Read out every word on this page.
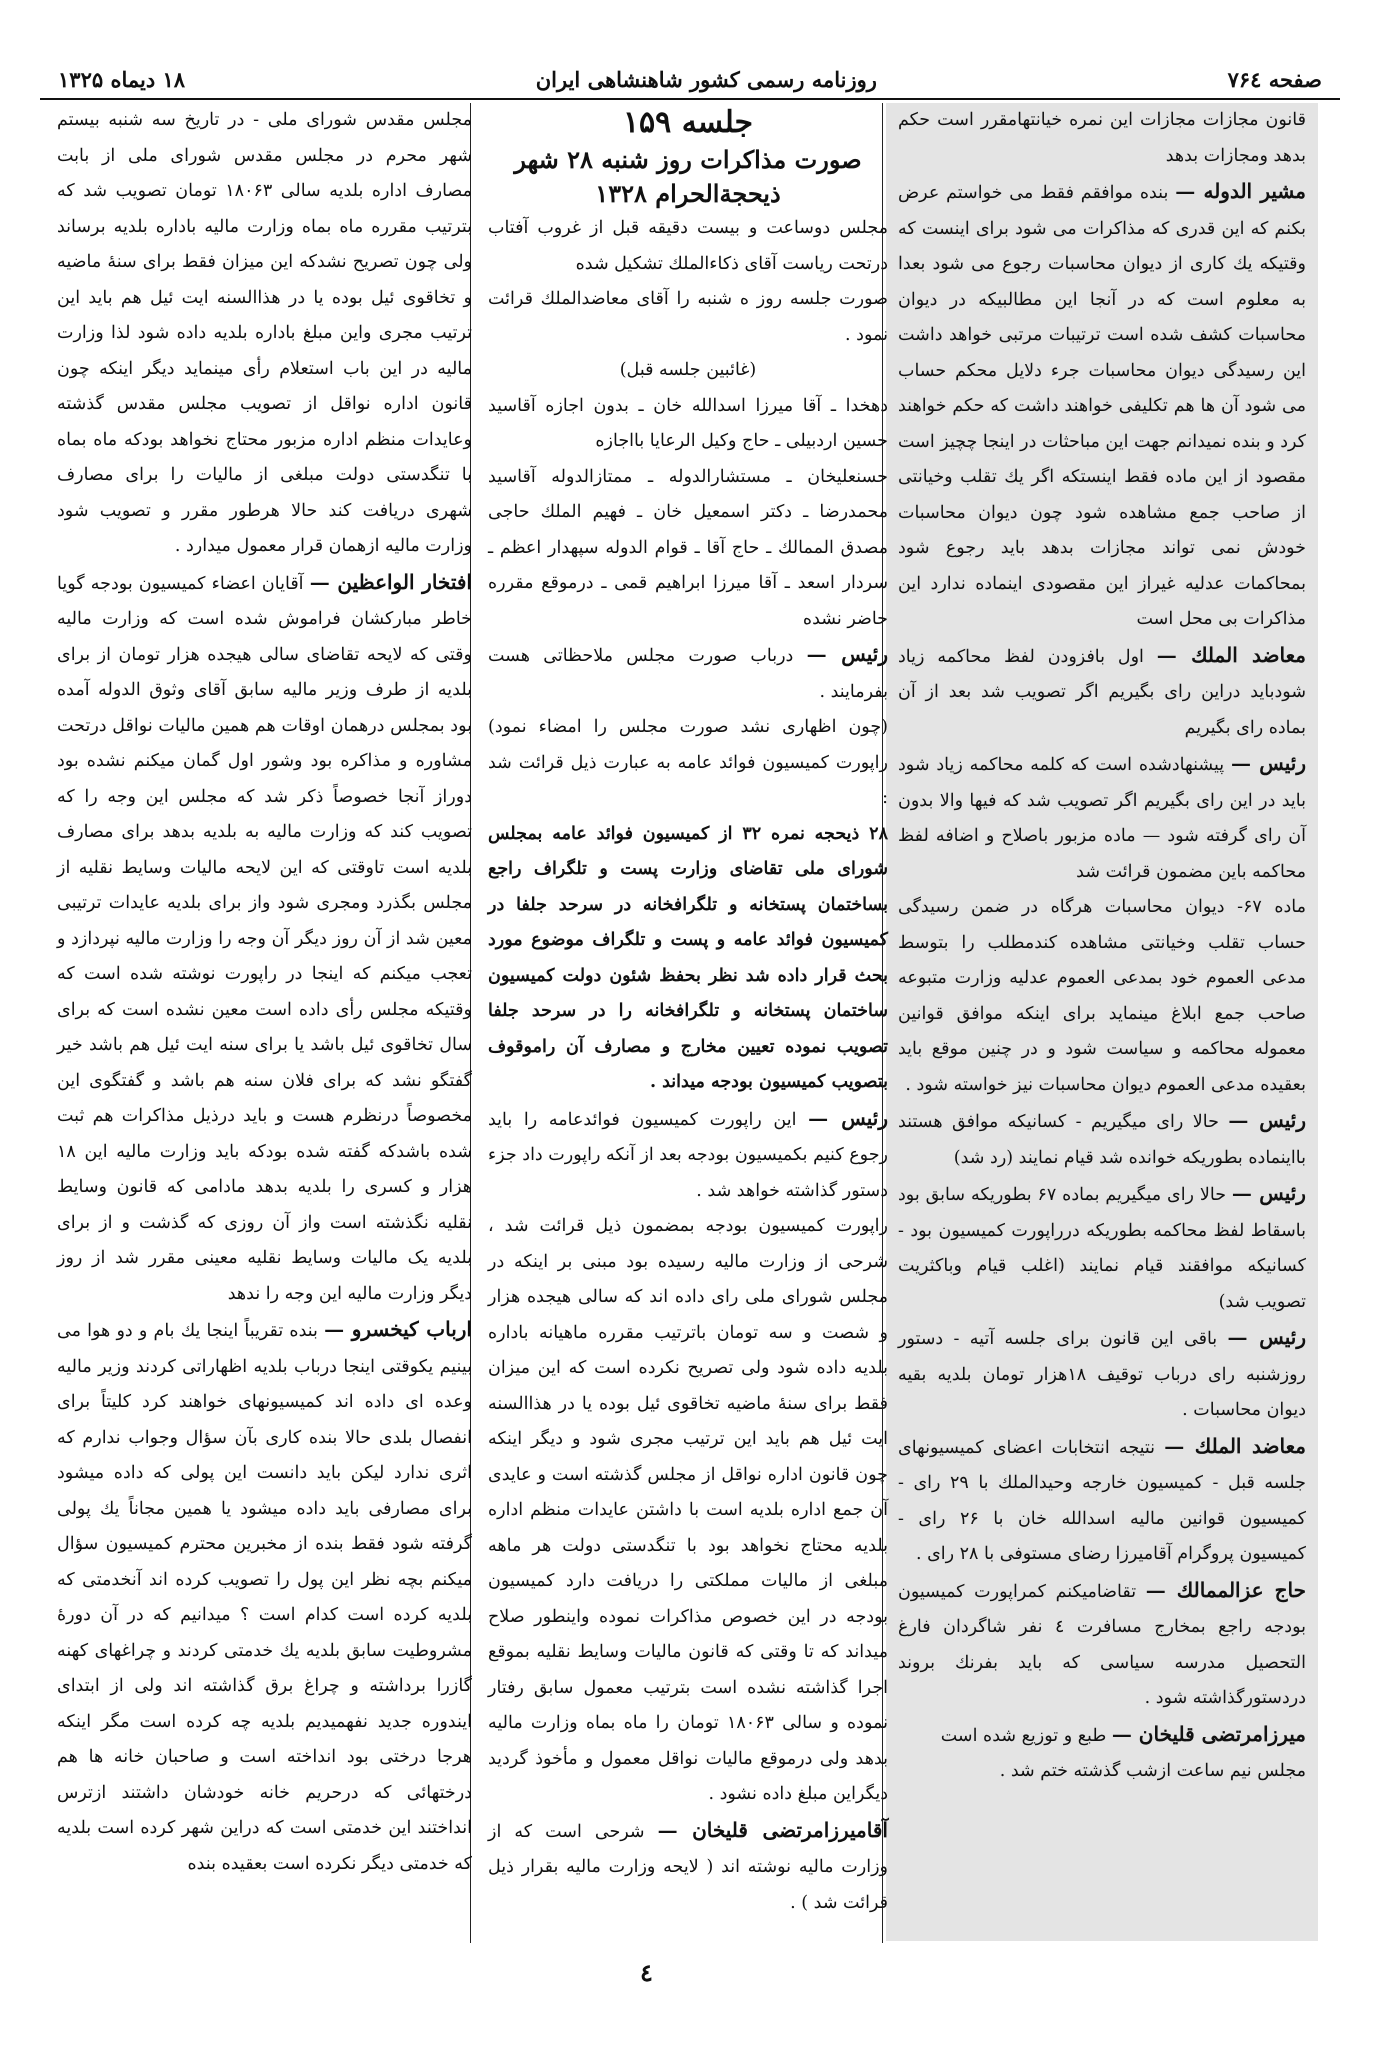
صفحه ۷۶٤
روزنامه رسمی کشور شاهنشاهی ایران
۱۸ دیماه ۱۳۲۵

قانون مجازات مجازات این نمره خیانتهامقرر است حکم بدهد ومجازات بدهد

مشیر الدوله — بنده موافقم فقط می خواستم عرض بکنم که این قدری که مذاکرات می شود برای اینست که وقتیکه یك کاری از دیوان محاسبات رجوع می شود بعدا به معلوم است که در آنجا این مطالبیکه در دیوان محاسبات کشف شده است ترتیبات مرتبی خواهد داشت این رسیدگی دیوان محاسبات جرء دلایل محکم حساب می شود آن ها هم تکلیفی خواهند داشت که حکم خواهند کرد و بنده نمیدانم جهت این مباحثات در اینجا چچیز است مقصود از این ماده فقط اینستکه اگر یك تقلب وخیانتی از صاحب جمع مشاهده شود چون دیوان محاسبات خودش نمی تواند مجازات بدهد باید رجوع شود بمحاکمات عدلیه غیراز این مقصودی اینماده ندارد این مذاکرات بی محل است

معاضد الملك — اول بافزودن لفظ محاکمه زیاد شودباید دراین رای بگیریم اگر تصویب شد بعد از آن بماده رای بگیریم

رئیس — پیشنهادشده است که کلمه محاکمه زیاد شود باید در این رای بگیریم اگر تصویب شد که فیها والا بدون آن رای گرفته شود — ماده مزبور باصلاح و اضافه لفظ محاکمه باین مضمون قرائت شد

ماده ۶۷- دیوان محاسبات هرگاه در ضمن رسیدگی حساب تقلب وخیانتی مشاهده کندمطلب را بتوسط مدعی العموم خود بمدعی العموم عدلیه وزارت متبوعه صاحب جمع ابلاغ مینماید برای اینکه موافق قوانین معموله محاکمه و سیاست شود و در چنین موقع باید بعقیده مدعی العموم دیوان محاسبات نیز خواسته شود .

رئیس — حالا رای میگیریم - کسانیکه موافق هستند بااینماده بطوریکه خوانده شد قیام نمایند (رد شد)

رئیس — حالا رای میگیریم بماده ۶۷ بطوریکه سابق بود باسقاط لفظ محاکمه بطوریکه درراپورت کمیسیون بود - کسانیکه موافقند قیام نمایند (اغلب قیام وباکثریت تصویب شد)

رئیس — باقی این قانون برای جلسه آتیه - دستور روزشنبه رای درباب توقیف ۱۸هزار تومان بلدیه بقیه دیوان محاسبات .

معاضد الملك — نتیجه انتخابات اعضای کمیسیونهای جلسه قبل - کمیسیون خارجه وحیدالملك با ۲۹ رای - کمیسیون قوانین مالیه اسدالله خان با ۲۶ رای - کمیسیون پروگرام آقامیرزا رضای مستوفی با ۲۸ رای .

حاج عزالممالك — تقاضامیکنم کمراپورت کمیسیون بودجه راجع بمخارج مسافرت ٤ نفر شاگردان فارغ التحصیل مدرسه سیاسی که باید بفرنك بروند دردستورگذاشته شود .

میرزامرتضی قلیخان — طبع و توزیع شده است

مجلس نیم ساعت ازشب گذشته ختم شد .

جلسه ۱۵۹

صورت مذاکرات روز شنبه ۲۸ شهر

ذیحجةالحرام ۱۳۲۸

مجلس دوساعت و بیست دقیقه قبل از غروب آفتاب درتحت ریاست آقای ذکاءالملك تشکیل شده

صورت جلسه روز ه شنبه را آقای معاضدالملك قرائت نمود .

(غائبین جلسه قبل)

دهخدا ـ آقا میرزا اسدالله خان ـ بدون اجازه آقاسید حسین اردبیلی ـ حاج وکیل الرعایا بااجازه

حسنعلیخان ـ مستشارالدوله ـ ممتازالدوله آقاسید محمدرضا ـ دکتر اسمعیل خان ـ فهیم الملك حاجی مصدق الممالك ـ حاج آقا ـ قوام الدوله سپهدار اعظم ـ سردار اسعد ـ آقا میرزا ابراهیم قمی ـ درموقع مقرره حاضر نشده

رئیس — درباب صورت مجلس ملاحظاتی هست بفرمایند .

(چون اظهاری نشد صورت مجلس را امضاء نمود) راپورت کمیسیون فوائد عامه به عبارت ذیل قرائت شد :

۲۸ ذیحجه نمره ۳۲ از کمیسیون فوائد عامه بمجلس شورای ملی تقاضای وزارت پست و تلگراف راجع بساختمان پستخانه و تلگرافخانه در سرحد جلفا در کمیسیون فوائد عامه و پست و تلگراف موضوع مورد بحث قرار داده شد نظر بحفظ شئون دولت کمیسیون ساختمان پستخانه و تلگرافخانه را در سرحد جلفا تصویب نموده تعیین مخارج و مصارف آن راموقوف بتصویب کمیسیون بودجه میداند .

رئیس — این راپورت کمیسیون فوائدعامه را باید رجوع کنیم بکمیسیون بودجه بعد از آنکه راپورت داد جزء دستور گذاشته خواهد شد .

راپورت کمیسیون بودجه بمضمون ذیل قرائت شد ، شرحی از وزارت مالیه رسیده بود مبنی بر اینکه در مجلس شورای ملی رای داده اند که سالی هیجده هزار و شصت و سه تومان باترتیب مقرره ماهیانه باداره بلدیه داده شود ولی تصریح نکرده است که این میزان فقط برای سنهٔ ماضیه تخاقوی ئیل بوده یا در هذاالسنه ایت ئیل هم باید این ترتیب مجری شود و دیگر اینکه چون قانون اداره نواقل از مجلس گذشته است و عایدی آن جمع اداره بلدیه است با داشتن عایدات منظم اداره بلدیه محتاج نخواهد بود با تنگدستی دولت هر ماهه مبلغی از مالیات مملکتی را دریافت دارد کمیسیون بودجه در این خصوص مذاکرات نموده واینطور صلاح میداند که تا وقتی که قانون مالیات وسایط نقلیه بموقع اجرا گذاشته نشده است بترتیب معمول سابق رفتار نموده و سالی ۱۸۰۶۳ تومان را ماه بماه وزارت مالیه بدهد ولی درموقع مالیات نواقل معمول و مأخوذ گردید دیگراین مبلغ داده نشود .

آقامیرزامرتضی قلیخان — شرحی است که از وزارت مالیه نوشته اند ( لایحه وزارت مالیه بقرار ذیل قرائت شد ) .

مجلس مقدس شورای ملی - در تاریخ سه شنبه بیستم شهر محرم در مجلس مقدس شورای ملی از بابت مصارف اداره بلدیه سالی ۱۸۰۶۳ تومان تصویب شد که بترتیب مقرره ماه بماه وزارت مالیه باداره بلدیه برساند ولی چون تصریح نشدکه این میزان فقط برای سنهٔ ماضیه و تخاقوی ئیل بوده یا در هذاالسنه ایت ئیل هم باید این ترتیب مجری واین مبلغ باداره بلدیه داده شود لذا وزارت مالیه در این باب استعلام رأی مینماید دیگر اینکه چون قانون اداره نواقل از تصویب مجلس مقدس گذشته وعایدات منظم اداره مزبور محتاج نخواهد بودکه ماه بماه با تنگدستی دولت مبلغی از مالیات را برای مصارف شهری دریافت کند حالا هرطور مقرر و تصویب شود وزارت مالیه ازهمان قرار معمول میدارد .

افتخار الواعظین — آقایان اعضاء کمیسیون بودجه گویا خاطر مبارکشان فراموش شده است که وزارت مالیه وقتی که لایحه تقاضای سالی هیجده هزار تومان از برای بلدیه از طرف وزیر مالیه سابق آقای وثوق الدوله آمده بود بمجلس درهمان اوقات هم همین مالیات نواقل درتحت مشاوره و مذاکره بود وشور اول گمان میکنم نشده بود دوراز آنجا خصوصاً ذکر شد که مجلس این وجه را که تصویب کند که وزارت مالیه به بلدیه بدهد برای مصارف بلدیه است تاوقتی که این لایحه مالیات وسایط نقلیه از مجلس بگذرد ومجری شود واز برای بلدیه عایدات ترتیبی معین شد از آن روز دیگر آن وجه را وزارت مالیه نپردازد و تعجب میکنم که اینجا در راپورت نوشته شده است که وقتیکه مجلس رأی داده است معین نشده است که برای سال تخاقوی ئیل باشد یا برای سنه ایت ئیل هم باشد خیر گفتگو نشد که برای فلان سنه هم باشد و گفتگوی این مخصوصاً درنظرم هست و باید درذیل مذاکرات هم ثبت شده باشدکه گفته شده بودکه باید وزارت مالیه این ۱۸ هزار و کسری را بلدیه بدهد مادامی که قانون وسایط نقلیه نگذشته است واز آن روزی که گذشت و از برای بلدیه یک مالیات وسایط نقلیه معینی مقرر شد از روز دیگر وزارت مالیه این وجه را ندهد

ارباب کیخسرو — بنده تقریباً اینجا یك بام و دو هوا می بینیم یکوقتی اینجا درباب بلدیه اظهاراتی کردند وزیر مالیه وعده ای داده اند کمیسیونهای خواهند کرد کلیتاً برای انفصال بلدی حالا بنده کاری بآن سؤال وجواب ندارم که اثری ندارد لیکن باید دانست این پولی که داده میشود برای مصارفی باید داده میشود یا همین مجاناً یك پولی گرفته شود فقط بنده از مخبرین محترم کمیسیون سؤال میکنم بچه نظر این پول را تصویب کرده اند آنخدمتی که بلدیه کرده است کدام است ؟ میدانیم که در آن دورهٔ مشروطیت سابق بلدیه یك خدمتی کردند و چراغهای کهنه گازرا برداشته و چراغ برق گذاشته اند ولی از ابتدای ایندوره جدید نفهمیدیم بلدیه چه کرده است مگر اینکه هرجا درختی بود انداخته است و صاحبان خانه ها هم درختهائی که درحریم خانه خودشان داشتند ازترس انداختند این خدمتی است که دراین شهر کرده است بلدیه که خدمتی دیگر نکرده است بعقیده بنده

٤
